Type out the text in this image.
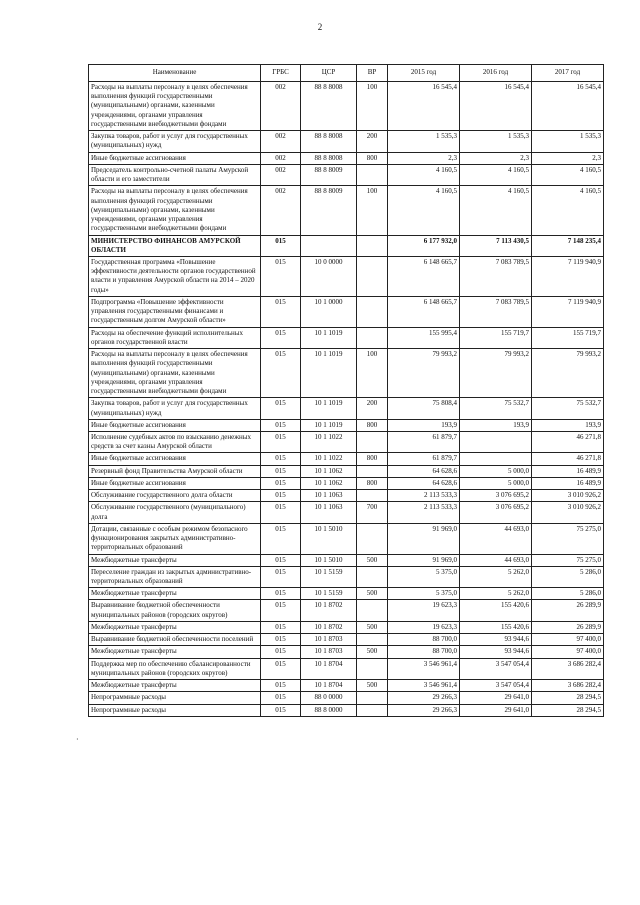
2
·
Наименование	ГРБС	ЦСР	ВР	2015 год	2016 год	2017 год
Расходы на выплаты персоналу в целях обеспечения выполнения функций государственными (муниципальными) органами, казенными учреждениями, органами управления государственными внебюджетными фондами	002	88 8 8008	100	16 545,4	16 545,4	16 545,4
Закупка товаров, работ и услуг для государственных (муниципальных) нужд	002	88 8 8008	200	1 535,3	1 535,3	1 535,3
Иные бюджетные ассигнования	002	88 8 8008	800	2,3	2,3	2,3
Председатель контрольно-счетной палаты Амурской области и его заместители	002	88 8 8009		4 160,5	4 160,5	4 160,5
Расходы на выплаты персоналу в целях обеспечения выполнения функций государственными (муниципальными) органами, казенными учреждениями, органами управления государственными внебюджетными фондами	002	88 8 8009	100	4 160,5	4 160,5	4 160,5
МИНИСТЕРСТВО ФИНАНСОВ АМУРСКОЙ ОБЛАСТИ	015			6 177 932,0	7 113 430,5	7 148 235,4
Государственная программа «Повышение эффективности деятельности органов государственной власти и управления Амурской области на 2014 – 2020 годы»	015	10 0 0000		6 148 665,7	7 083 789,5	7 119 940,9
Подпрограмма «Повышение эффективности управления государственными финансами и государственным долгом Амурской области»	015	10 1 0000		6 148 665,7	7 083 789,5	7 119 940,9
Расходы на обеспечение функций исполнительных органов государственной власти	015	10 1 1019		155 995,4	155 719,7	155 719,7
Расходы на выплаты персоналу в целях обеспечения выполнения функций государственными (муниципальными) органами, казенными учреждениями, органами управления государственными внебюджетными фондами	015	10 1 1019	100	79 993,2	79 993,2	79 993,2
Закупка товаров, работ и услуг для государственных (муниципальных) нужд	015	10 1 1019	200	75 808,4	75 532,7	75 532,7
Иные бюджетные ассигнования	015	10 1 1019	800	193,9	193,9	193,9
Исполнение судебных актов по взысканию денежных средств за счет казны Амурской области	015	10 1 1022		61 879,7		46 271,8
Иные бюджетные ассигнования	015	10 1 1022	800	61 879,7		46 271,8
Резервный фонд Правительства Амурской области	015	10 1 1062		64 628,6	5 000,0	16 489,9
Иные бюджетные ассигнования	015	10 1 1062	800	64 628,6	5 000,0	16 489,9
Обслуживание государственного долга области	015	10 1 1063		2 113 533,3	3 076 695,2	3 010 926,2
Обслуживание государственного (муниципального) долга	015	10 1 1063	700	2 113 533,3	3 076 695,2	3 010 926,2
Дотации, связанные с особым режимом безопасного функционирования закрытых административно-территориальных образований	015	10 1 5010		91 969,0	44 693,0	75 275,0
Межбюджетные трансферты	015	10 1 5010	500	91 969,0	44 693,0	75 275,0
Переселение граждан из закрытых административно-территориальных образований	015	10 1 5159		5 375,0	5 262,0	5 286,0
Межбюджетные трансферты	015	10 1 5159	500	5 375,0	5 262,0	5 286,0
Выравнивание бюджетной обеспеченности муниципальных районов (городских округов)	015	10 1 8702		19 623,3	155 420,6	26 289,9
Межбюджетные трансферты	015	10 1 8702	500	19 623,3	155 420,6	26 289,9
Выравнивание бюджетной обеспеченности поселений	015	10 1 8703		88 700,0	93 944,6	97 400,0
Межбюджетные трансферты	015	10 1 8703	500	88 700,0	93 944,6	97 400,0
Поддержка мер по обеспечению сбалансированности муниципальных районов (городских округов)	015	10 1 8704		3 546 961,4	3 547 054,4	3 686 282,4
Межбюджетные трансферты	015	10 1 8704	500	3 546 961,4	3 547 054,4	3 686 282,4
Непрограммные расходы	015	88 0 0000		29 266,3	29 641,0	28 294,5
Непрограммные расходы	015	88 8 0000		29 266,3	29 641,0	28 294,5
